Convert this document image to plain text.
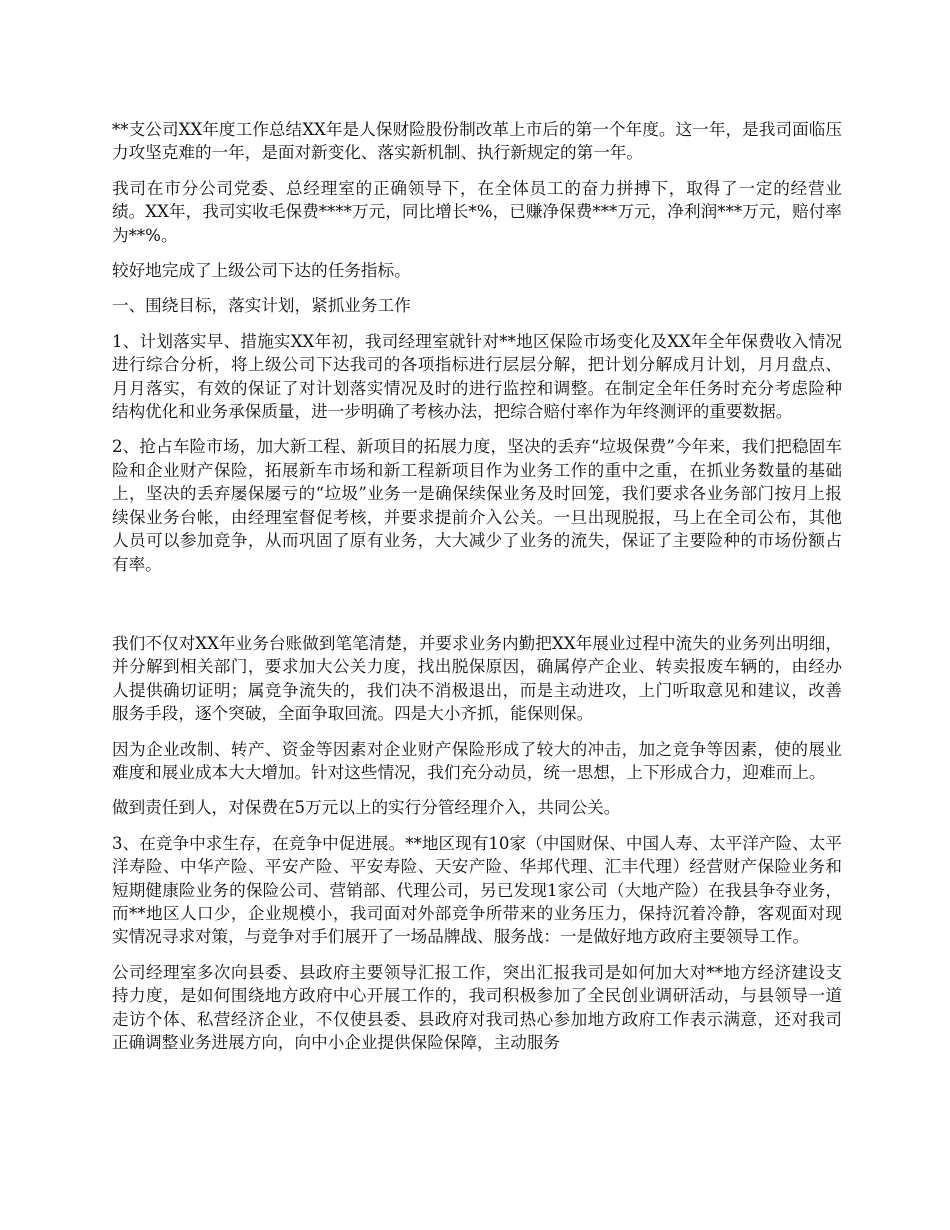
**支公司XX年度工作总结XX年是人保财险股份制改革上市后的第一个年度。这一年，是我司面临压力攻坚克难的一年，是面对新变化、落实新机制、执行新规定的第一年。

我司在市分公司党委、总经理室的正确领导下，在全体员工的奋力拼搏下，取得了一定的经营业绩。XX年，我司实收毛保费****万元，同比增长*%，已赚净保费***万元，净利润***万元，赔付率为**%。

较好地完成了上级公司下达的任务指标。

一、围绕目标，落实计划，紧抓业务工作

1、计划落实早、措施实XX年初，我司经理室就针对**地区保险市场变化及XX年全年保费收入情况进行综合分析，将上级公司下达我司的各项指标进行层层分解，把计划分解成月计划，月月盘点、月月落实，有效的保证了对计划落实情况及时的进行监控和调整。在制定全年任务时充分考虑险种结构优化和业务承保质量，进一步明确了考核办法，把综合赔付率作为年终测评的重要数据。

2、抢占车险市场，加大新工程、新项目的拓展力度，坚决的丢弃“垃圾保费”今年来，我们把稳固车险和企业财产保险，拓展新车市场和新工程新项目作为业务工作的重中之重，在抓业务数量的基础上，坚决的丢弃屡保屡亏的“垃圾”业务一是确保续保业务及时回笼，我们要求各业务部门按月上报续保业务台帐，由经理室督促考核，并要求提前介入公关。一旦出现脱报，马上在全司公布，其他人员可以参加竞争，从而巩固了原有业务，大大减少了业务的流失，保证了主要险种的市场份额占有率。

我们不仅对XX年业务台账做到笔笔清楚，并要求业务内勤把XX年展业过程中流失的业务列出明细，并分解到相关部门，要求加大公关力度，找出脱保原因，确属停产企业、转卖报废车辆的，由经办人提供确切证明；属竞争流失的，我们决不消极退出，而是主动进攻，上门听取意见和建议，改善服务手段，逐个突破，全面争取回流。四是大小齐抓，能保则保。

因为企业改制、转产、资金等因素对企业财产保险形成了较大的冲击，加之竞争等因素，使的展业难度和展业成本大大增加。针对这些情况，我们充分动员，统一思想，上下形成合力，迎难而上。

做到责任到人，对保费在5万元以上的实行分管经理介入，共同公关。

3、在竞争中求生存，在竞争中促进展。**地区现有10家（中国财保、中国人寿、太平洋产险、太平洋寿险、中华产险、平安产险、平安寿险、天安产险、华邦代理、汇丰代理）经营财产保险业务和短期健康险业务的保险公司、营销部、代理公司，另已发现1家公司（大地产险）在我县争夺业务，而**地区人口少，企业规模小，我司面对外部竞争所带来的业务压力，保持沉着冷静，客观面对现实情况寻求对策，与竞争对手们展开了一场品牌战、服务战：一是做好地方政府主要领导工作。

公司经理室多次向县委、县政府主要领导汇报工作，突出汇报我司是如何加大对**地方经济建设支持力度，是如何围绕地方政府中心开展工作的，我司积极参加了全民创业调研活动，与县领导一道走访个体、私营经济企业，不仅使县委、县政府对我司热心参加地方政府工作表示满意，还对我司正确调整业务进展方向，向中小企业提供保险保障，主动服务
